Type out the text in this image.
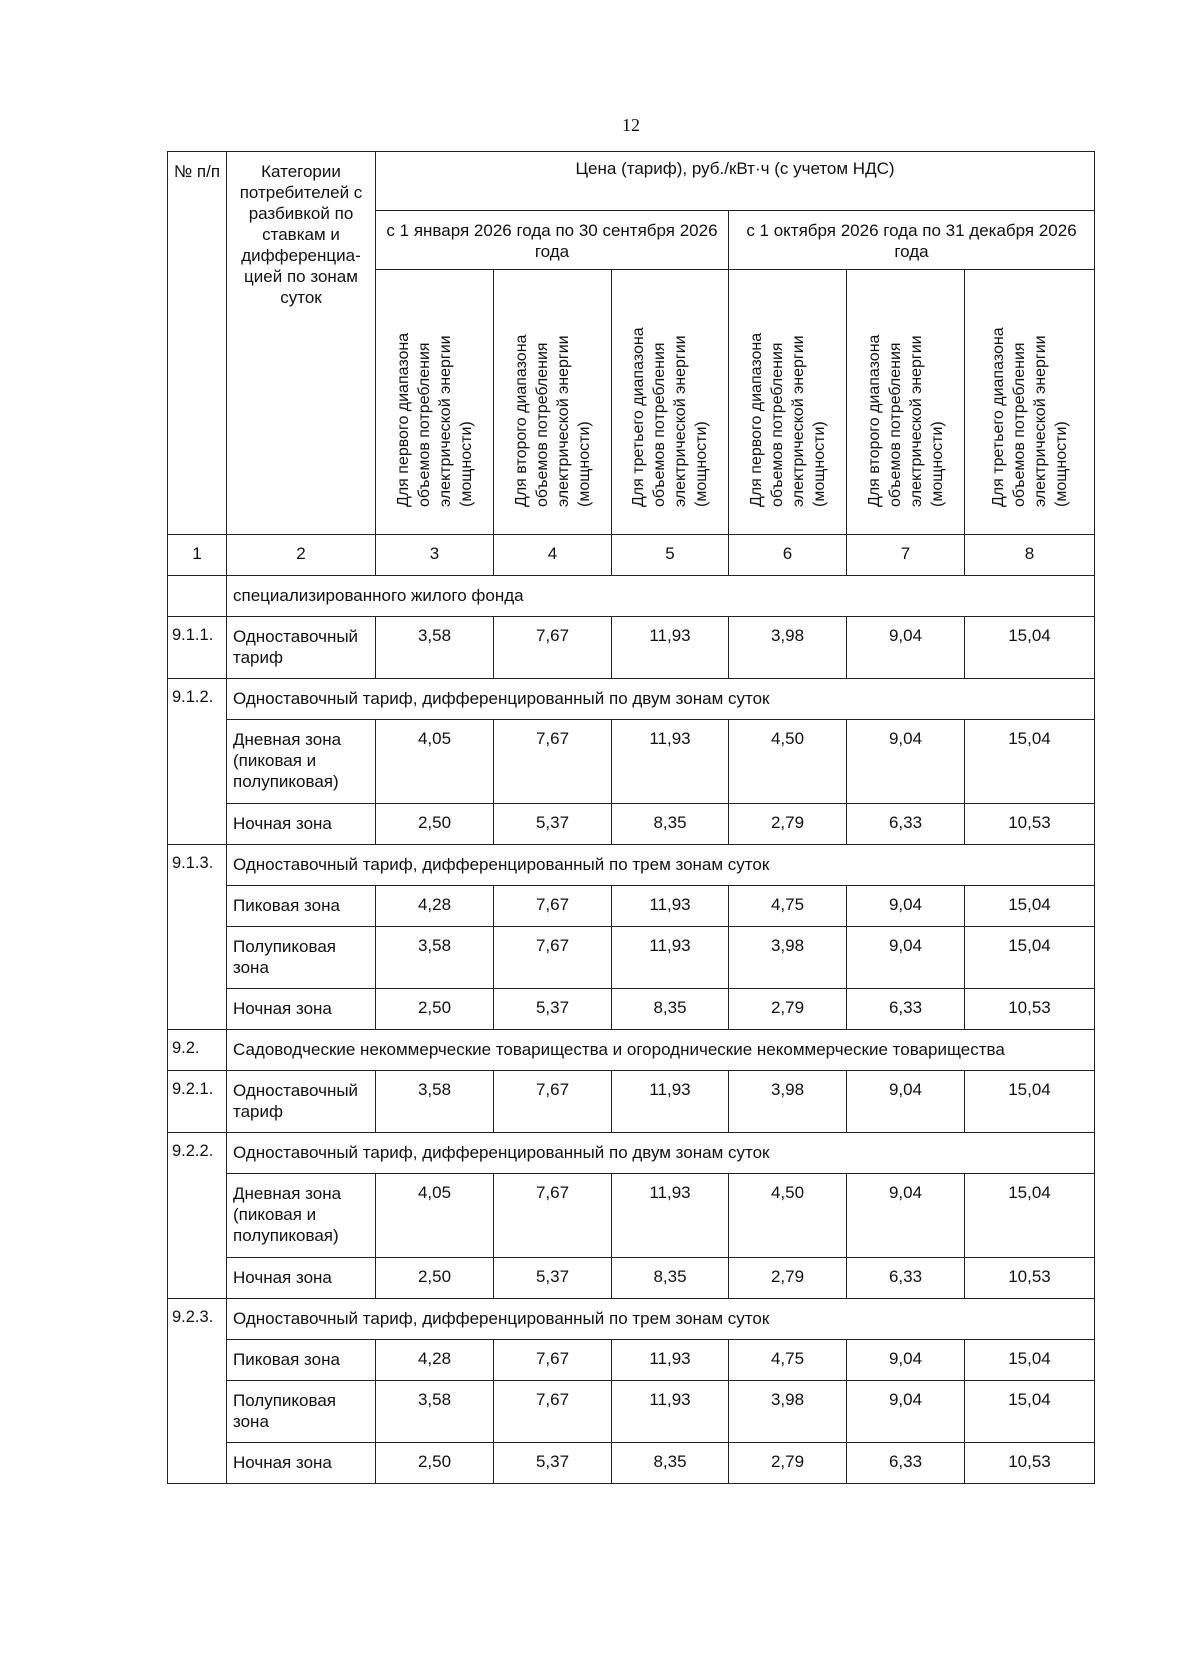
12
№ п/п	Категории потребителей с разбивкой по ставкам и дифференциа-цией по зонам суток	Цена (тариф), руб./кВт·ч (с учетом НДС)					
		с 1 января 2026 года по 30 сентября 2026 года			с 1 октября 2026 года по 31 декабря 2026 года		

		Для первого диапазона объемов потребления электрической энергии (мощности)	Для второго диапазона объемов потребления электрической энергии (мощности)	Для третьего диапазона объемов потребления электрической энергии (мощности)	Для первого диапазона объемов потребления электрической энергии (мощности)	Для второго диапазона объемов потребления электрической энергии (мощности)	Для третьего диапазона объемов потребления электрической энергии (мощности)

1	2	3	4	5	6	7	8
	специализированного жилого фонда						
9.1.1.	Одноставочный тариф	3,58	7,67	11,93	3,98	9,04	15,04
9.1.2.	Одноставочный тариф, дифференцированный по двум зонам суток						
	Дневная зона (пиковая и полупиковая)	4,05	7,67	11,93	4,50	9,04	15,04
	Ночная зона	2,50	5,37	8,35	2,79	6,33	10,53
9.1.3.	Одноставочный тариф, дифференцированный по трем зонам суток						
	Пиковая зона	4,28	7,67	11,93	4,75	9,04	15,04
	Полупиковая зона	3,58	7,67	11,93	3,98	9,04	15,04
	Ночная зона	2,50	5,37	8,35	2,79	6,33	10,53
9.2.	Садоводческие некоммерческие товарищества и огороднические некоммерческие товарищества						
9.2.1.	Одноставочный тариф	3,58	7,67	11,93	3,98	9,04	15,04
9.2.2.	Одноставочный тариф, дифференцированный по двум зонам суток						
	Дневная зона (пиковая и полупиковая)	4,05	7,67	11,93	4,50	9,04	15,04
	Ночная зона	2,50	5,37	8,35	2,79	6,33	10,53
9.2.3.	Одноставочный тариф, дифференцированный по трем зонам суток						
	Пиковая зона	4,28	7,67	11,93	4,75	9,04	15,04
	Полупиковая зона	3,58	7,67	11,93	3,98	9,04	15,04
	Ночная зона	2,50	5,37	8,35	2,79	6,33	10,53
